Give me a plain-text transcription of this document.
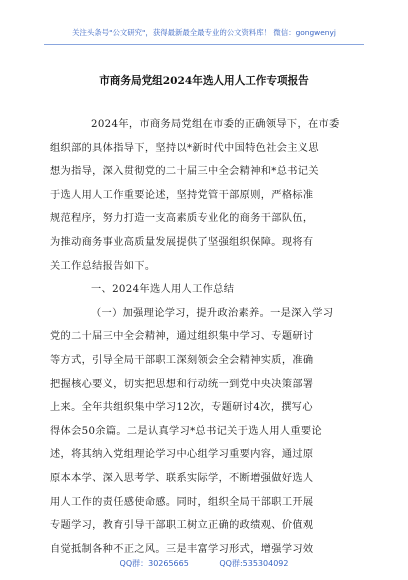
关注头条号"公文研究"，获得最新最全最专业的公文资料库！ 微信：gongwenyj
市商务局党组2024年选人用人工作专项报告
2024年，市商务局党组在市委的正确领导下，在市委
组织部的具体指导下，坚持以*新时代中国特色社会主义思
想为指导，深入贯彻党的二十届三中全会精神和*总书记关
于选人用人工作重要论述，坚持党管干部原则，严格标准
规范程序，努力打造一支高素质专业化的商务干部队伍，
为推动商务事业高质量发展提供了坚强组织保障。现将有
关工作总结报告如下。
一、2024年选人用人工作总结
（一）加强理论学习，提升政治素养。一是深入学习
党的二十届三中全会精神，通过组织集中学习、专题研讨
等方式，引导全局干部职工深刻领会全会精神实质，准确
把握核心要义，切实把思想和行动统一到党中央决策部署
上来。全年共组织集中学习12次，专题研讨4次，撰写心
得体会50余篇。二是认真学习*总书记关于选人用人重要论
述，将其纳入党组理论学习中心组学习重要内容，通过原
原本本学、深入思考学、联系实际学，不断增强做好选人
用人工作的责任感使命感。同时，组织全局干部职工开展
专题学习，教育引导干部职工树立正确的政绩观、价值观
自觉抵制各种不正之风。三是丰富学习形式，增强学习效
QQ群：30265665	QQ群:535304092
